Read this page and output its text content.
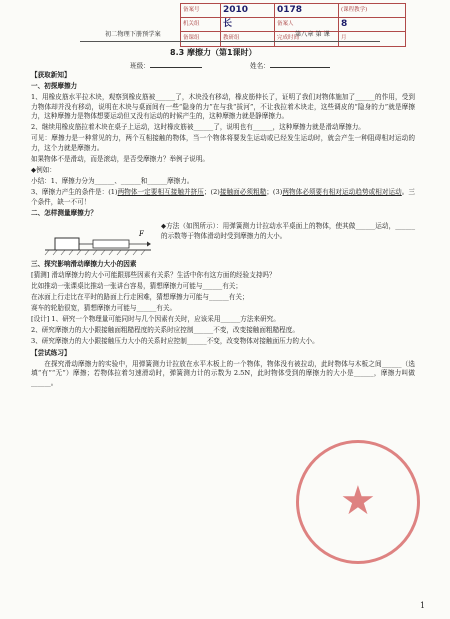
备案号	2010	0178	(课程教学)
机关组	长	备案人	8
备课组	教研组	完成时间	月
初二物理下册预学案	第八章 第 课
8.3 摩擦力（第1课时）
班级：	姓名：

【获取新知】

一、初探摩擦力

1、用橡皮筋水平拉木块，观察到橡皮筋被______了，木块没有移动，橡皮筋伸长了，证明了我们对物体施加了______的作用，受到力物体却并没有移动，说明在木块与桌面间有一些“隐身的力”在与我“拔河”，不让我拉着木块走，这些调皮的“隐身的力”就是摩擦力，这种摩擦力是物体想要运动但又没有运动的时候产生的，这种摩擦力就是静摩擦力。

2、继续用橡皮筋拉着木块在桌子上运动，这时橡皮筋被______了，说明也有______，这种摩擦力就是滑动摩擦力。

可见：摩擦力是一种常见的力，两个互相接触的物体，当一个物体将要发生运动或已经发生运动时，就会产生一种阻碍相对运动的力，这个力就是摩擦力。

如果物体不是滑动，而是滚动，是否受摩擦力？举例子说明。

◆例如：

小结：1、摩擦力分为______、______和______摩擦力。

3、摩擦力产生的条件是：(1)两物体一定要相互接触并挤压；(2)接触面必须粗糙；(3)两物体必须要有相对运动趋势或相对运动。三个条件，缺一不可！

二、怎样测量摩擦力？

F

◆方法（如图所示）：用弹簧测力计拉动水平桌面上的物体，使其做______运动，______的示数等于物体滑动时受到摩擦力的大小。

三、探究影响滑动摩擦力大小的因素

[猜测] 滑动摩擦力的大小可能跟那些因素有关系？生活中你有这方面的经验支持吗？

比如推动一张课桌比推动一张讲台容易，猜想摩擦力可能与______有关；

在冰面上行走比在平时的路面上行走困难，猜想摩擦力可能与______有关；

赛车的轮胎很宽，猜想摩擦力可能与______有关。

[设计] 1、研究一个物理量可能同时与几个因素有关时，应该采用______方法来研究。

2、研究摩擦力的大小跟接触面粗糙程度的关系时应控制______不变，改变接触面粗糙程度。

3、研究摩擦力的大小跟接触压力大小的关系时应控制______不变，改变物体对接触面压力的大小。

【尝试练习】

在探究滑动摩擦力的实验中，用弹簧测力计拉放在水平木板上的一个物体，物体没有被拉动，此时物体与木板之间______（选填“有”“无”）摩擦；若物体拉着匀速滑动时，弹簧测力计的示数为 2.5N，此时物体受到的摩擦力的大小是______，摩擦力叫做______。

★
1
